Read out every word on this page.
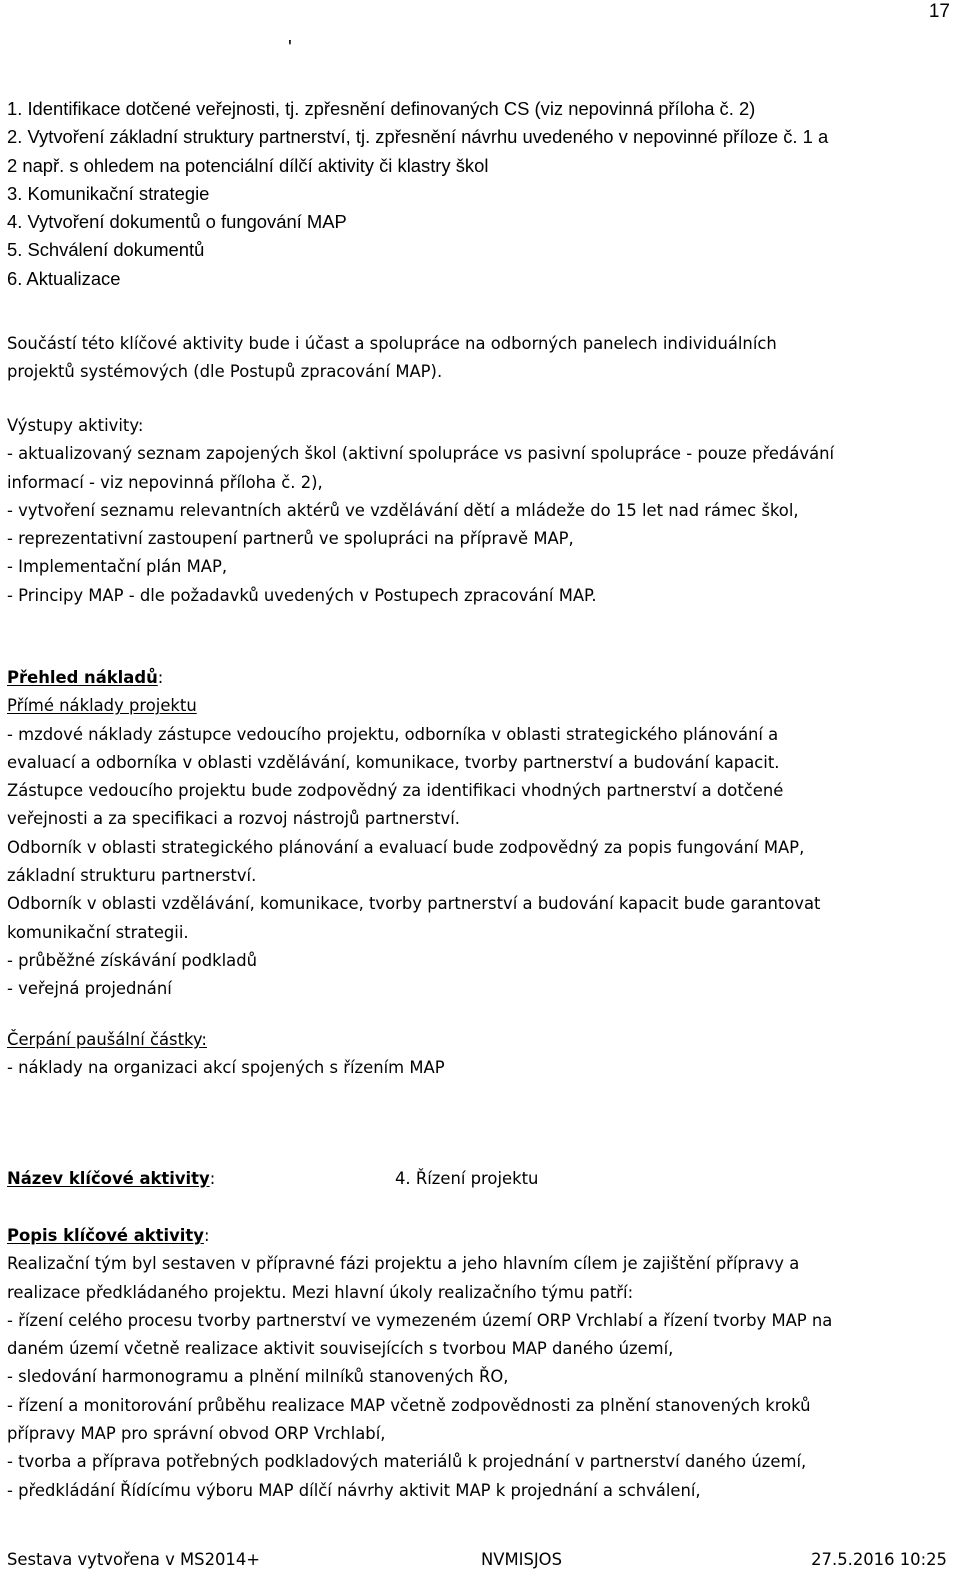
17
'
1. Identifikace dotčené veřejnosti, tj. zpřesnění definovaných CS (viz nepovinná příloha č. 2)
2. Vytvoření základní struktury partnerství, tj. zpřesnění návrhu uvedeného v nepovinné příloze č. 1 a
2 např. s ohledem na potenciální dílčí aktivity či klastry škol
3. Komunikační strategie
4. Vytvoření dokumentů o fungování MAP
5. Schválení dokumentů
6. Aktualizace
Součástí této klíčové aktivity bude i účast a spolupráce na odborných panelech individuálních
projektů systémových (dle Postupů zpracování MAP).
Výstupy aktivity:
- aktualizovaný seznam zapojených škol (aktivní spolupráce vs pasivní spolupráce - pouze předávání
informací - viz nepovinná příloha č. 2),
- vytvoření seznamu relevantních aktérů ve vzdělávání dětí a mládeže do 15 let nad rámec škol,
- reprezentativní zastoupení partnerů ve spolupráci na přípravě MAP,
- Implementační plán MAP,
- Principy MAP - dle požadavků uvedených v Postupech zpracování MAP.
Přehled nákladů:
Přímé náklady projektu
- mzdové náklady zástupce vedoucího projektu, odborníka v oblasti strategického plánování a
evaluací a odborníka v oblasti vzdělávání, komunikace, tvorby partnerství a budování kapacit.
Zástupce vedoucího projektu bude zodpovědný za identifikaci vhodných partnerství a dotčené
veřejnosti a za specifikaci a rozvoj nástrojů partnerství.
Odborník v oblasti strategického plánování a evaluací bude zodpovědný za popis fungování MAP,
základní strukturu partnerství.
Odborník v oblasti vzdělávání, komunikace, tvorby partnerství a budování kapacit bude garantovat
komunikační strategii.
- průběžné získávání podkladů
- veřejná projednání
Čerpání paušální částky:
- náklady na organizaci akcí spojených s řízením MAP
Název klíčové aktivity:	4. Řízení projektu
Popis klíčové aktivity:
Realizační tým byl sestaven v přípravné fázi projektu a jeho hlavním cílem je zajištění přípravy a
realizace předkládaného projektu. Mezi hlavní úkoly realizačního týmu patří:
- řízení celého procesu tvorby partnerství ve vymezeném území ORP Vrchlabí a řízení tvorby MAP na
daném území včetně realizace aktivit souvisejících s tvorbou MAP daného území,
- sledování harmonogramu a plnění milníků stanovených ŘO,
- řízení a monitorování průběhu realizace MAP včetně zodpovědnosti za plnění stanovených kroků
přípravy MAP pro správní obvod ORP Vrchlabí,
- tvorba a příprava potřebných podkladových materiálů k projednání v partnerství daného území,
- předkládání Řídícímu výboru MAP dílčí návrhy aktivit MAP k projednání a schválení,
Sestava vytvořena v MS2014+	NVMISJOS	27.5.2016 10:25
